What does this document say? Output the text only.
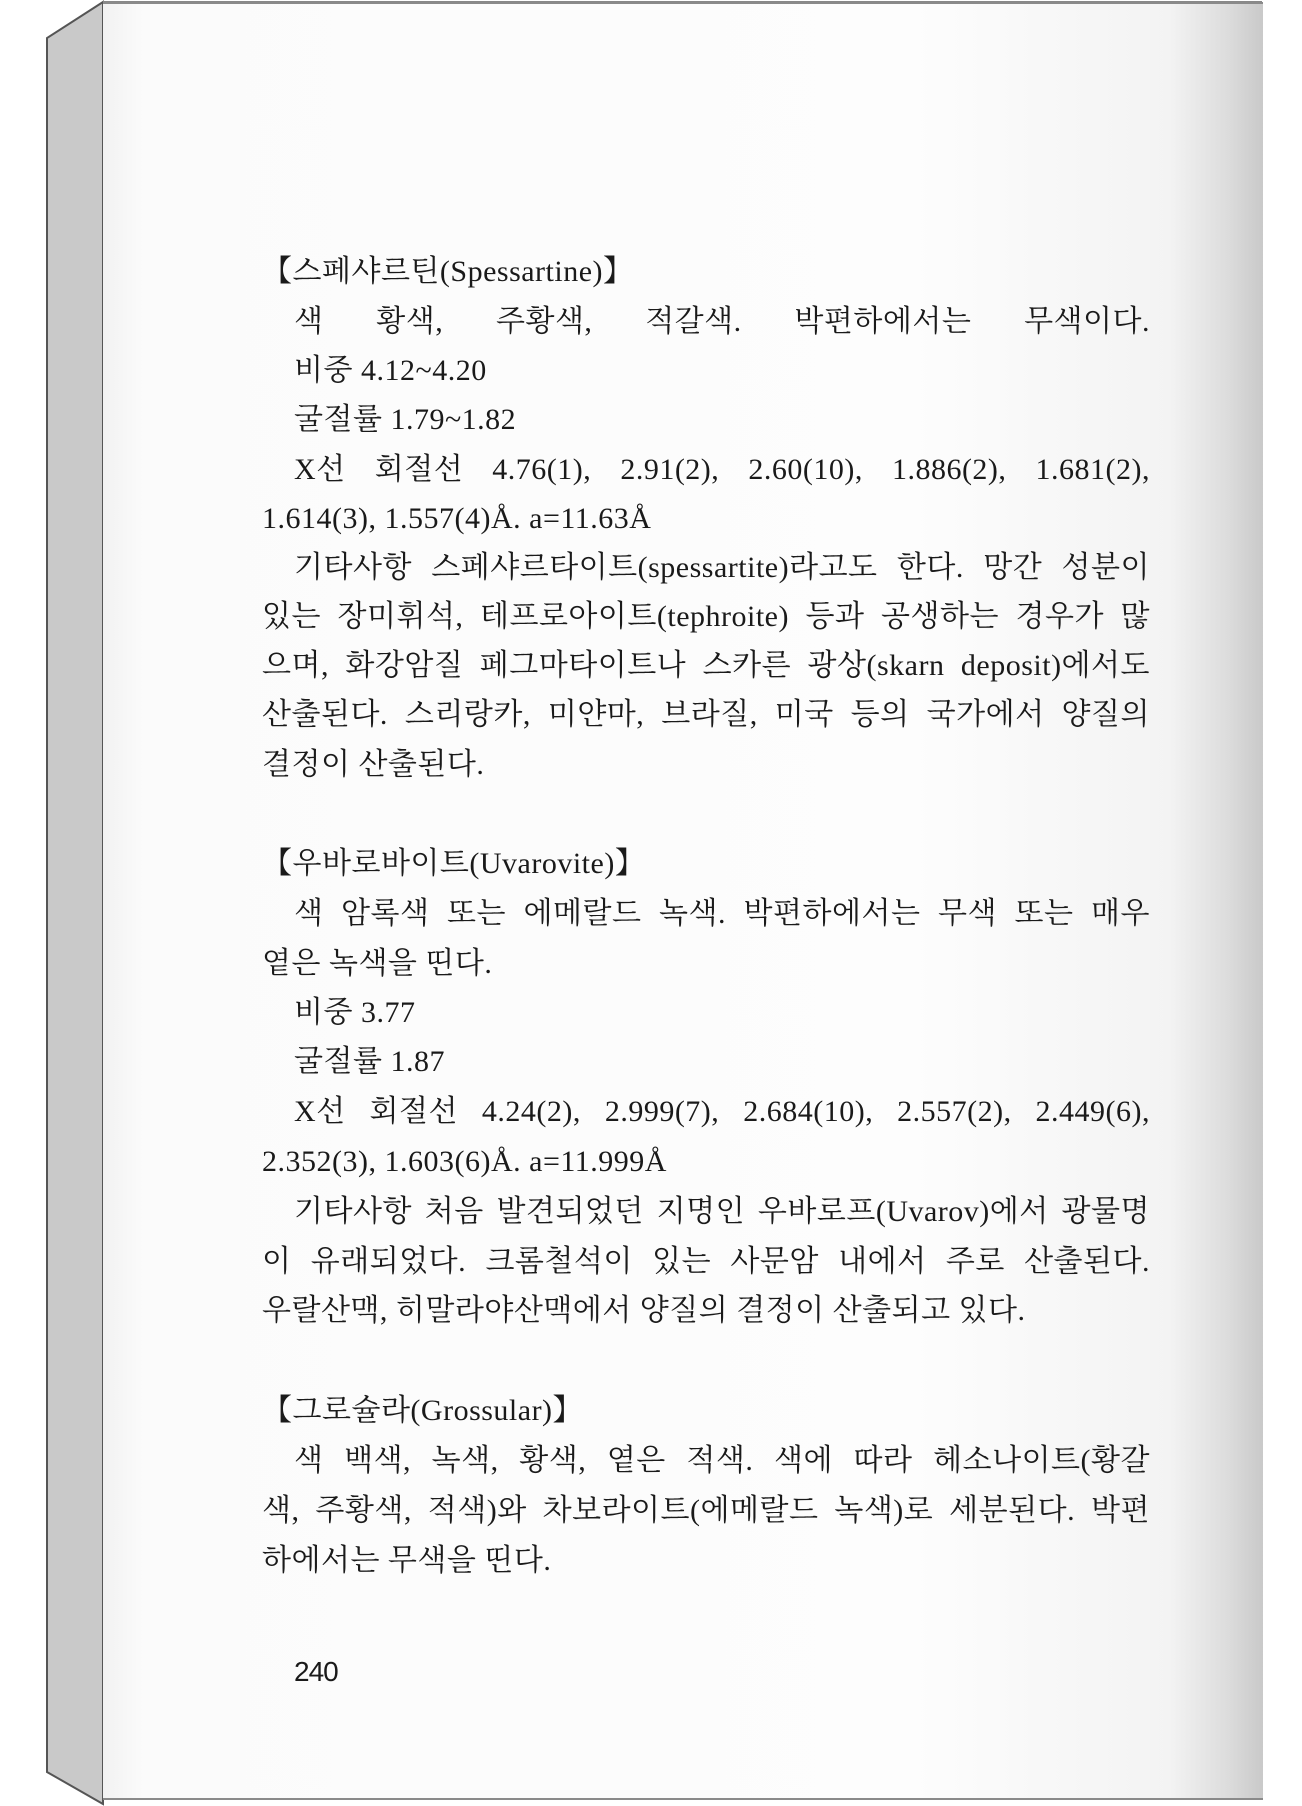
【스페샤르틴(Spessartine)】
색 황색, 주황색, 적갈색. 박편하에서는 무색이다.
비중 4.12~4.20
굴절률 1.79~1.82
X선 회절선 4.76(1), 2.91(2), 2.60(10), 1.886(2), 1.681(2),
1.614(3), 1.557(4)Å. a=11.63Å
기타사항 스페샤르타이트(spessartite)라고도 한다. 망간 성분이
있는 장미휘석, 테프로아이트(tephroite) 등과 공생하는 경우가 많
으며, 화강암질 페그마타이트나 스카른 광상(skarn deposit)에서도
산출된다. 스리랑카, 미얀마, 브라질, 미국 등의 국가에서 양질의
결정이 산출된다.
【우바로바이트(Uvarovite)】
색 암록색 또는 에메랄드 녹색. 박편하에서는 무색 또는 매우
옅은 녹색을 띤다.
비중 3.77
굴절률 1.87
X선 회절선 4.24(2), 2.999(7), 2.684(10), 2.557(2), 2.449(6),
2.352(3), 1.603(6)Å. a=11.999Å
기타사항 처음 발견되었던 지명인 우바로프(Uvarov)에서 광물명
이 유래되었다. 크롬철석이 있는 사문암 내에서 주로 산출된다.
우랄산맥, 히말라야산맥에서 양질의 결정이 산출되고 있다.
【그로슐라(Grossular)】
색 백색, 녹색, 황색, 옅은 적색. 색에 따라 헤소나이트(황갈
색, 주황색, 적색)와 차보라이트(에메랄드 녹색)로 세분된다. 박편
하에서는 무색을 띤다.
240
